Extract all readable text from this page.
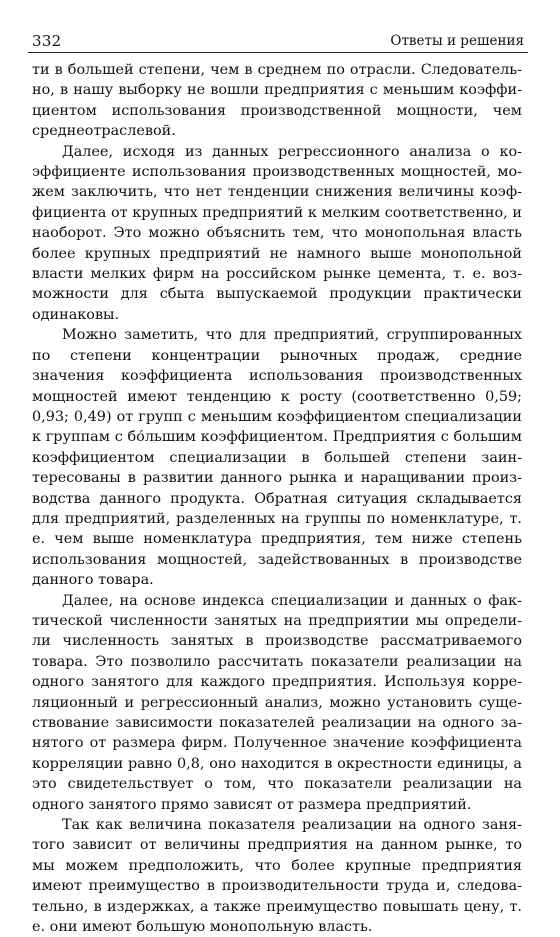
332	Ответы и решения

ти в большей степени, чем в среднем по отрасли. Следовательно, в нашу выборку не вошли предприятия с меньшим коэффициентом использования производственной мощности, чем среднеотраслевой.

Далее, исходя из данных регрессионного анализа о коэффициенте использования производственных мощностей, можем заключить, что нет тенденции снижения величины коэффициента от крупных предприятий к мелким соответственно, и наоборот. Это можно объяснить тем, что монопольная власть более крупных предприятий не намного выше монопольной власти мелких фирм на российском рынке цемента, т. е. возможности для сбыта выпускаемой продукции практически одинаковы.

Можно заметить, что для предприятий, сгруппированных по степени концентрации рыночных продаж, средние значения коэффициента использования производственных мощностей имеют тенденцию к росту (соответственно 0,59; 0,93; 0,49) от групп с меньшим коэффициентом специализации к группам с бо́льшим коэффициентом. Предприятия с большим коэффициентом специализации в большей степени заинтересованы в развитии данного рынка и наращивании производства данного продукта. Обратная ситуация складывается для предприятий, разделенных на группы по номенклатуре, т. е. чем выше номенклатура предприятия, тем ниже степень использования мощностей, задействованных в производстве данного товара.

Далее, на основе индекса специализации и данных о фактической численности занятых на предприятии мы определили численность занятых в производстве рассматриваемого товара. Это позволило рассчитать показатели реализации на одного занятого для каждого предприятия. Используя корреляционный и регрессионный анализ, можно установить существование зависимости показателей реализации на одного занятого от размера фирм. Полученное значение коэффициента корреляции равно 0,8, оно находится в окрестности единицы, а это свидетельствует о том, что показатели реализации на одного занятого прямо зависят от размера предприятий.

Так как величина показателя реализации на одного занятого зависит от величины предприятия на данном рынке, то мы можем предположить, что более крупные предприятия имеют преимущество в производительности труда и, следовательно, в издержках, а также преимущество повышать цену, т. е. они имеют большую монопольную власть.
